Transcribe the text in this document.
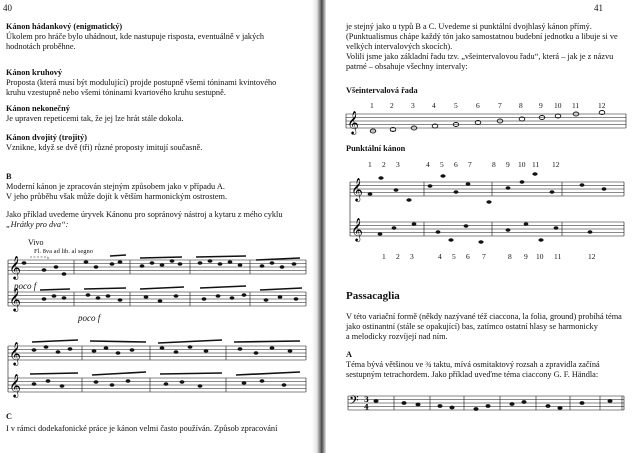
40
Kánon hádankový (enigmatický)
Úkolem pro hráče bylo uhádnout, kde nastupuje risposta, eventuálně v jakých
hodnotách proběhne.
Kánon kruhový
Proposta (která musí být modulující) projde postupně všemi tóninami kvintového
kruhu vzestupně nebo všemi tóninami kvartového kruhu sestupně.
Kánon nekonečný
Je upraven repeticemi tak, že jej lze hrát stále dokola.
Kánon dvojitý (trojitý)
Vznikne, když se dvě (tři) různé proposty imitují současně.
B
Moderní kánon je zpracován stejným způsobem jako v případu A.
V jeho průběhu však může dojít k větším harmonickým ostrostem.
Jako příklad uvedeme úryvek Kánonu pro sopránový nástroj a kytaru z mého cyklu
„Hrátky pro dva“:
Vivo
Fl. 8va ad lib. al segno
poco f
poco f
𝄞
𝄞
𝄞
𝄞
C
I v rámci dodekafonické práce je kánon velmi často používán. Způsob zpracování
41
je stejný jako u typů B a C. Uvedeme si punktální dvojhlasý kánon přímý.
(Punktualismus chápe každý tón jako samostatnou budební jednotku a libuje si ve
velkých intervalových skocích).
Volili jsme jako základní řadu tzv. „všeintervalovou řadu“, která – jak je z názvu
patrné – obsahuje všechny intervaly:
Všeintervalová řada
1 2 3 4 5 6 7 8 9 10 11	12
𝄞
Punktální kánon
1 2 3	4 5 6 7	8 9 10 11 12
𝄞
𝄞
1 2 3	4 5 6 7	8 9 10 11	12
Passacaglia
V této variační formě (někdy nazývané též ciaccona, la folia, ground) probíhá téma
jako ostinantní (stále se opakující) bas, zatímco ostatní hlasy se harmonicky
a melodicky rozvíjejí nad ním.
A
Téma bývá většinou ve ¾ taktu, mívá osmitaktový rozsah a zpravidla začíná
sestupným tetrachordem. Jako příklad uveďme téma ciaccony G. F. Händla:
𝄢 3
4
